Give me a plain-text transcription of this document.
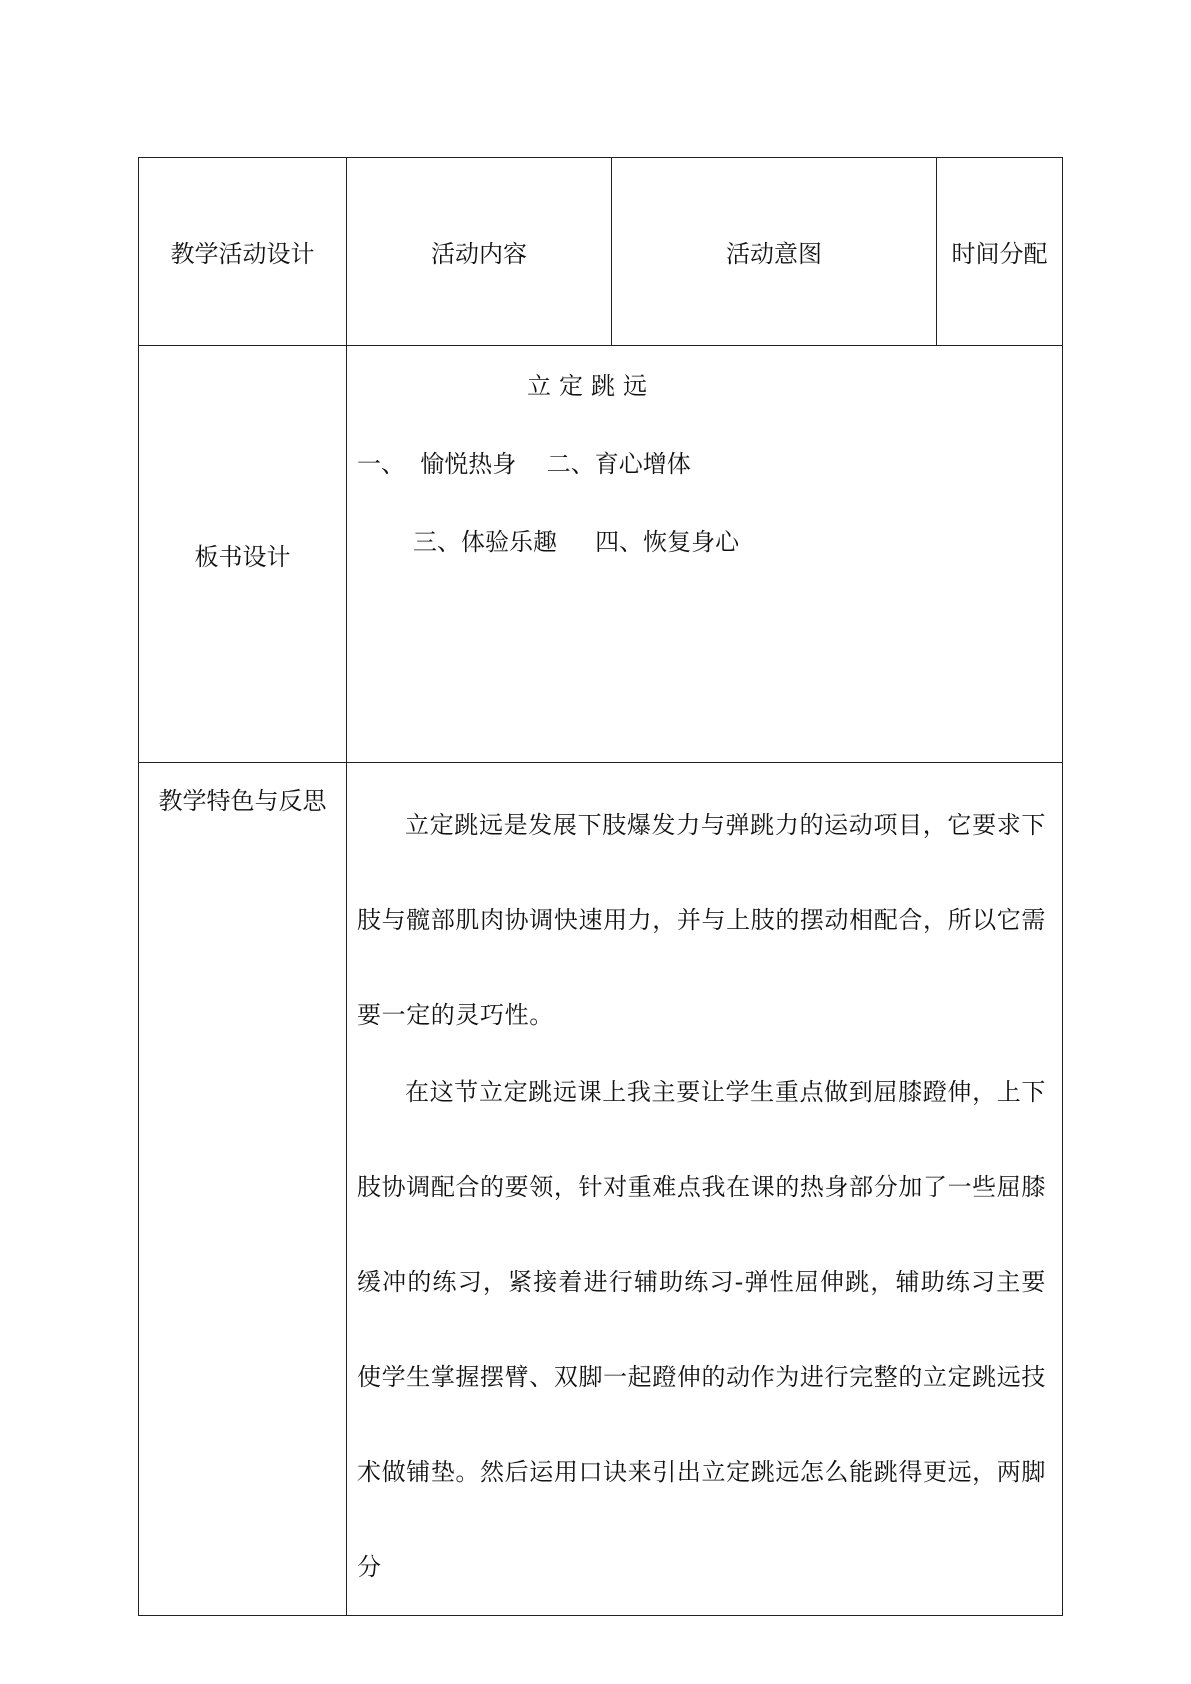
教学活动设计	活动内容	活动意图	时间分配
板书设计	立定跳远
一、  愉悦热身    二、育心增体
三、体验乐趣     四、恢复身心		

教学特色与反思	立定跳远是发展下肢爆发力与弹跳力的运动项目，它要求下肢与髋部肌肉协调快速用力，并与上肢的摆动相配合，所以它需要一定的灵巧性。

在这节立定跳远课上我主要让学生重点做到屈膝蹬伸，上下肢协调配合的要领，针对重难点我在课的热身部分加了一些屈膝缓冲的练习，紧接着进行辅助练习-弹性屈伸跳，辅助练习主要使学生掌握摆臂、双脚一起蹬伸的动作为进行完整的立定跳远技术做铺垫。然后运用口诀来引出立定跳远怎么能跳得更远，两脚分		
